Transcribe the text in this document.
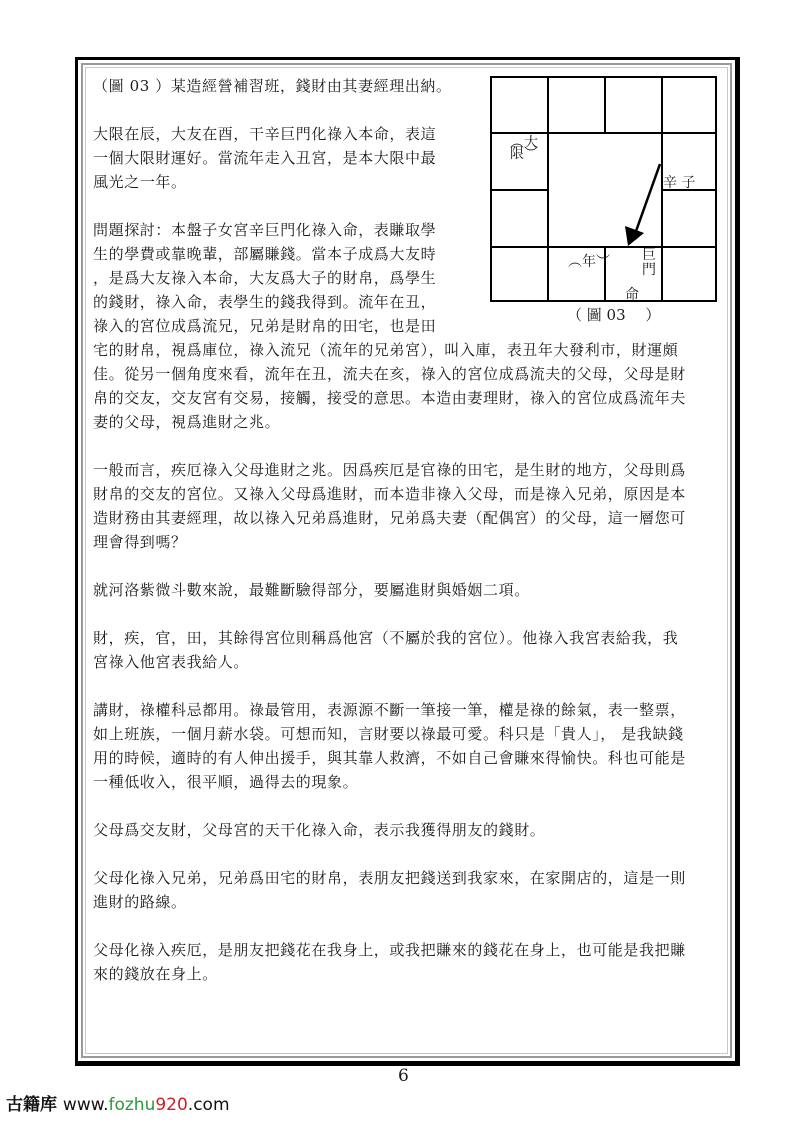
（圖 03 ）某造經營補習班，錢財由其妻經理出納。
大限在辰，大友在酉，干辛巨門化祿入本命，表這
一個大限財運好。當流年走入丑宮，是本大限中最
風光之一年。
問題探討：本盤子女宮辛巨門化祿入命，表賺取學
生的學費或靠晚輩，部屬賺錢。當本子成爲大友時
，是爲大友祿入本命，大友爲大子的財帛，爲學生
的錢財，祿入命，表學生的錢我得到。流年在丑，
祿入的宮位成爲流兄，兄弟是財帛的田宅，也是田
宅的財帛，視爲庫位，祿入流兄（流年的兄弟宮），叫入庫，表丑年大發利市，財運頗
佳。從另一個角度來看，流年在丑，流夫在亥，祿入的宮位成爲流夫的父母，父母是財
帛的交友，交友宮有交易，接觸，接受的意思。本造由妻理財，祿入的宮位成爲流年夫
妻的父母，視爲進財之兆。
一般而言，疾厄祿入父母進財之兆。因爲疾厄是官祿的田宅，是生財的地方，父母則爲
財帛的交友的宮位。又祿入父母爲進財，而本造非祿入父母，而是祿入兄弟，原因是本
造財務由其妻經理，故以祿入兄弟爲進財，兄弟爲夫妻（配偶宮）的父母，這一層您可
理會得到嗎？
就河洛紫微斗數來說，最難斷驗得部分，要屬進財與婚姻二項。
財，疾，官，田，其餘得宮位則稱爲他宮（不屬於我的宮位）。他祿入我宮表給我，我
宮祿入他宮表我給人。
講財，祿權科忌都用。祿最管用，表源源不斷一筆接一筆，權是祿的餘氣，表一整票，
如上班族，一個月薪水袋。可想而知，言財要以祿最可愛。科只是「貴人」， 是我缺錢
用的時候，適時的有人伸出援手，與其靠人救濟，不如自己會賺來得愉快。科也可能是
一種低收入，很平順，過得去的現象。
父母爲交友財，父母宮的天干化祿入命，表示我獲得朋友的錢財。
父母化祿入兄弟，兄弟爲田宅的財帛，表朋友把錢送到我家來，在家開店的，這是一則
進財的路線。
父母化祿入疾厄，是朋友把錢花在我身上，或我把賺來的錢花在身上，也可能是我把賺
來的錢放在身上。
︵大限︶
︵年︶
辛 子
巨門
命
（ 圖 03 　）
6
古籍库 www.fozhu920.com
